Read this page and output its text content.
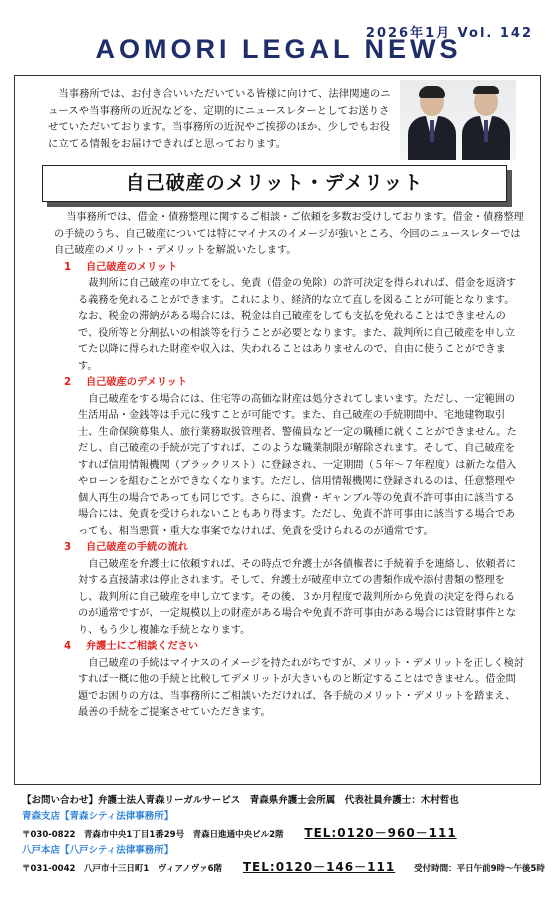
2026年1月 Vol. 142
AOMORI LEGAL NEWS
当事務所では、お付き合いいただいている皆様に向けて、法律関連のニュースや当事務所の近況などを、定期的にニュースレターとしてお送りさせていただいております。当事務所の近況やご挨拶のほか、少しでもお役に立てる情報をお届けできればと思っております。
自己破産のメリット・デメリット

当事務所では、借金・債務整理に関するご相談・ご依頼を多数お受けしております。借金・債務整理の手続のうち、自己破産については特にマイナスのイメージが強いところ、今回のニュースレターでは自己破産のメリット・デメリットを解説いたします。

1 自己破産のメリット

裁判所に自己破産の申立てをし、免責（借金の免除）の許可決定を得られれば、借金を返済する義務を免れることができます。これにより、経済的な立て直しを図ることが可能となります。なお、税金の滞納がある場合には、税金は自己破産をしても支払を免れることはできませんので、役所等と分割払いの相談等を行うことが必要となります。また、裁判所に自己破産を申し立てた以降に得られた財産や収入は、失われることはありませんので、自由に使うことができます。

2 自己破産のデメリット

自己破産をする場合には、住宅等の高価な財産は処分されてしまいます。ただし、一定範囲の生活用品・金銭等は手元に残すことが可能です。また、自己破産の手続期間中、宅地建物取引士、生命保険募集人、旅行業務取扱管理者、警備員など一定の職種に就くことができません。ただし、自己破産の手続が完了すれば、このような職業制限が解除されます。そして、自己破産をすれば信用情報機関（ブラックリスト）に登録され、一定期間（５年〜７年程度）は新たな借入やローンを組むことができなくなります。ただし、信用情報機関に登録されるのは、任意整理や個人再生の場合であっても同じです。さらに、浪費・ギャンブル等の免責不許可事由に該当する場合には、免責を受けられないこともあり得ます。ただし、免責不許可事由に該当する場合であっても、相当悪質・重大な事案でなければ、免責を受けられるのが通常です。

3 自己破産の手続の流れ

自己破産を弁護士に依頼すれば、その時点で弁護士が各債権者に手続着手を連絡し、依頼者に対する直接請求は停止されます。そして、弁護士が破産申立ての書類作成や添付書類の整理をし、裁判所に自己破産を申し立てます。その後、３か月程度で裁判所から免責の決定を得られるのが通常ですが、一定規模以上の財産がある場合や免責不許可事由がある場合には管財事件となり、もう少し複雑な手続となります。

4 弁護士にご相談ください

自己破産の手続はマイナスのイメージを持たれがちですが、メリット・デメリットを正しく検討すれば一概に他の手続と比較してデメリットが大きいものと断定することはできません。借金問題でお困りの方は、当事務所にご相談いただければ、各手続のメリット・デメリットを踏まえ、最善の手続をご提案させていただきます。

【お問い合わせ】弁護士法人青森リーガルサービス　青森県弁護士会所属　代表社員弁護士：木村哲也
青森支店【青森シティ法律事務所】
〒030-0822　青森市中央1丁目1番29号　青森日進通中央ビル2階 TEL:0120－960－111
八戸本店【八戸シティ法律事務所】
〒031-0042　八戸市十三日町1　ヴィアノヴァ6階 TEL:0120－146－111 受付時間：平日午前9時〜午後5時
